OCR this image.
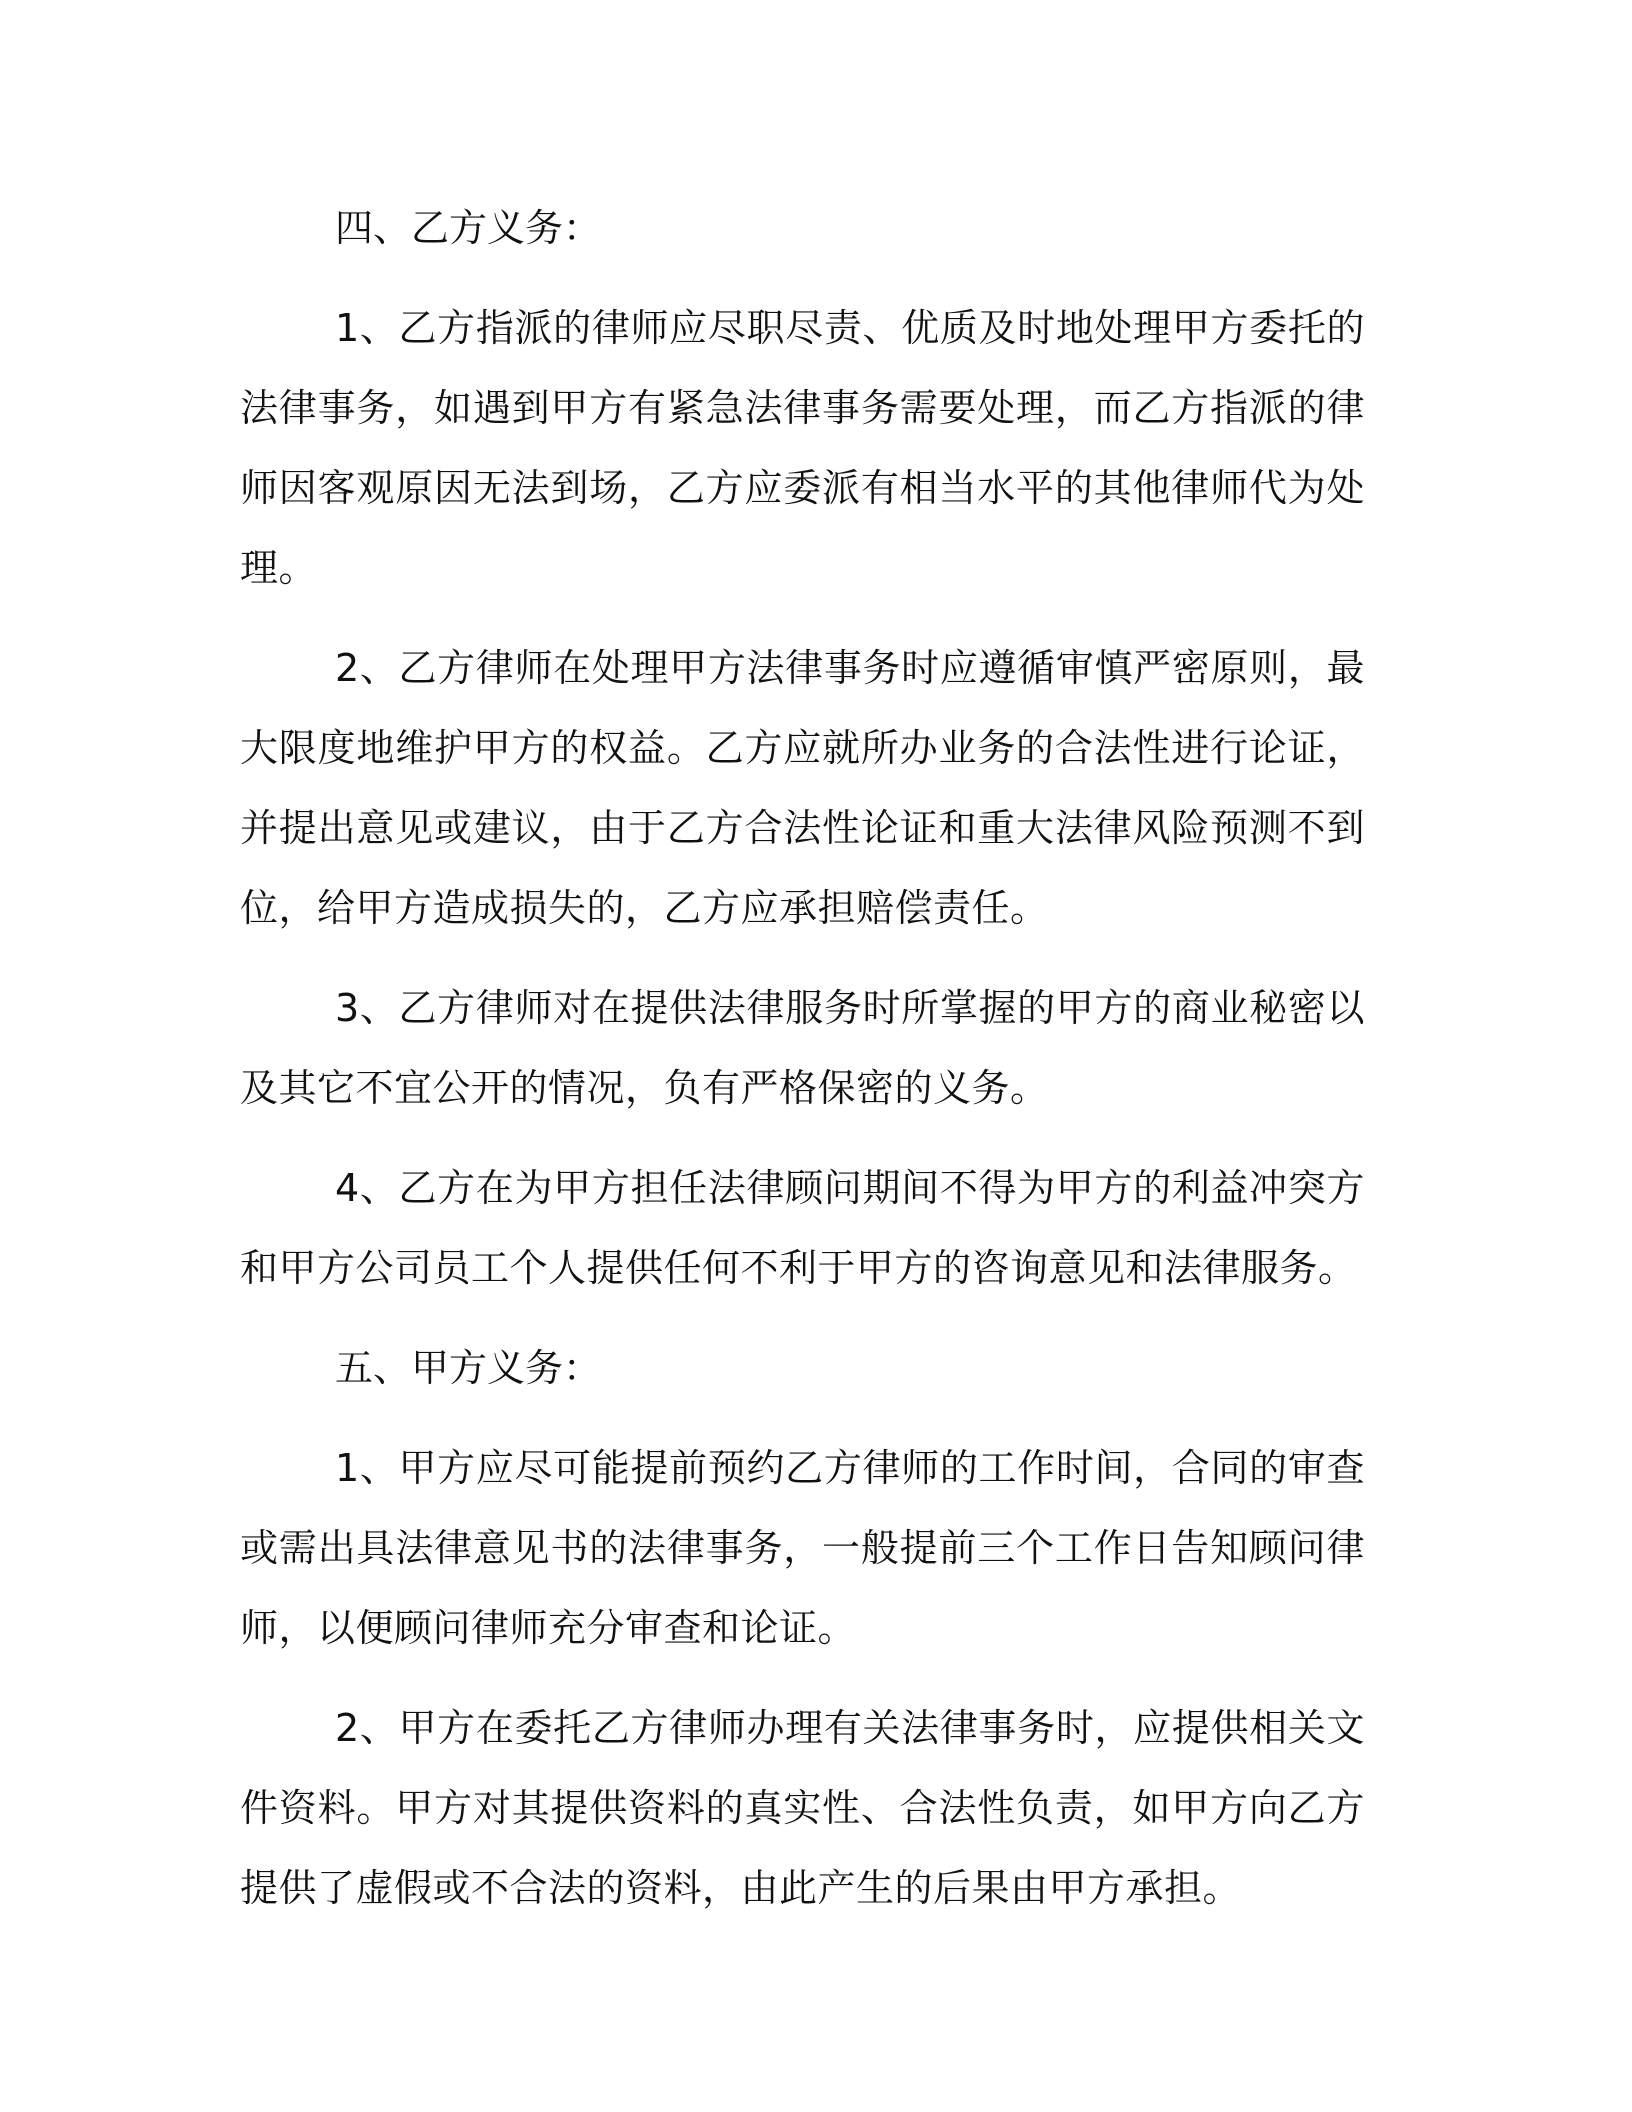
四、乙方义务：

1、乙方指派的律师应尽职尽责、优质及时地处理甲方委托的法律事务，如遇到甲方有紧急法律事务需要处理，而乙方指派的律师因客观原因无法到场，乙方应委派有相当水平的其他律师代为处理。

2、乙方律师在处理甲方法律事务时应遵循审慎严密原则，最大限度地维护甲方的权益。乙方应就所办业务的合法性进行论证，并提出意见或建议，由于乙方合法性论证和重大法律风险预测不到位，给甲方造成损失的，乙方应承担赔偿责任。

3、乙方律师对在提供法律服务时所掌握的甲方的商业秘密以及其它不宜公开的情况，负有严格保密的义务。

4、乙方在为甲方担任法律顾问期间不得为甲方的利益冲突方和甲方公司员工个人提供任何不利于甲方的咨询意见和法律服务。

五、甲方义务：

1、甲方应尽可能提前预约乙方律师的工作时间，合同的审查或需出具法律意见书的法律事务，一般提前三个工作日告知顾问律师，以便顾问律师充分审查和论证。

2、甲方在委托乙方律师办理有关法律事务时，应提供相关文件资料。甲方对其提供资料的真实性、合法性负责，如甲方向乙方提供了虚假或不合法的资料，由此产生的后果由甲方承担。
